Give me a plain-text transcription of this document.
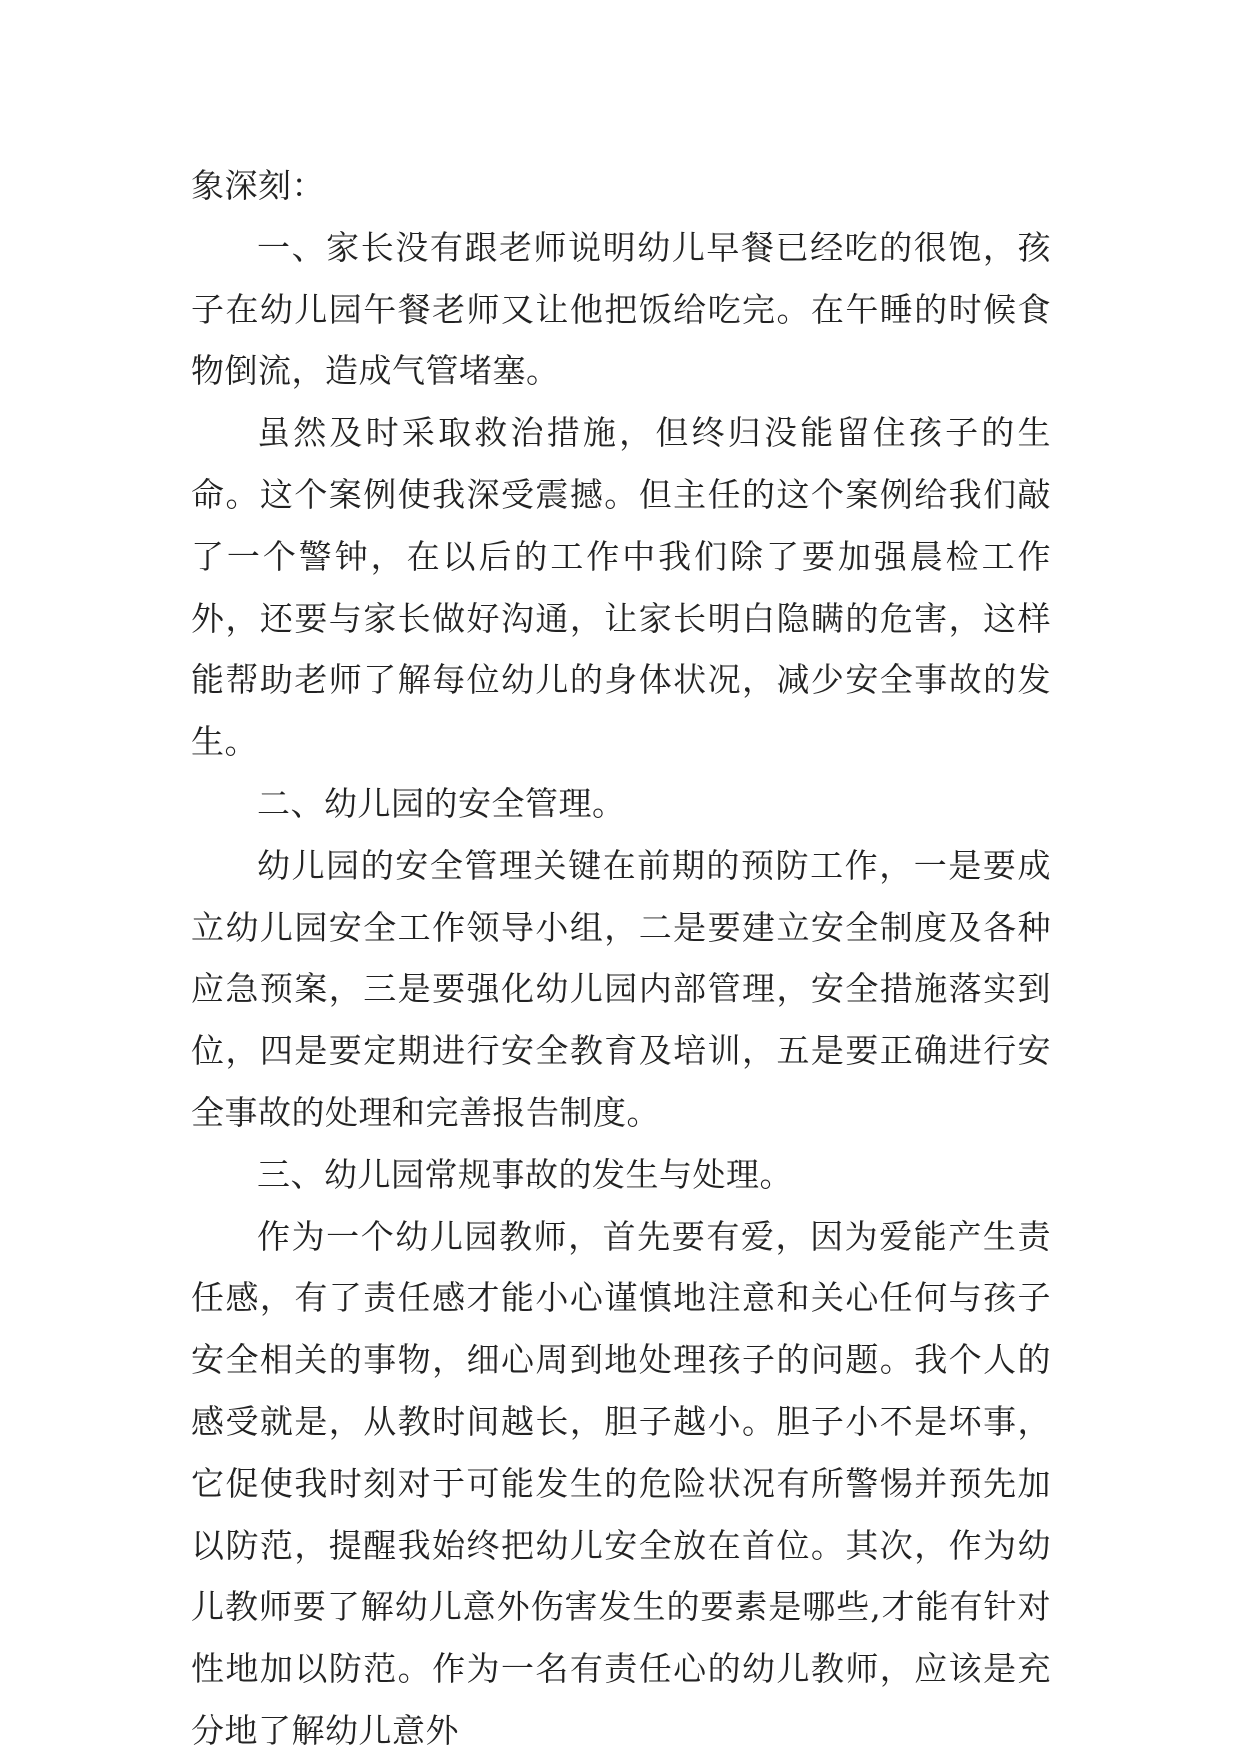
象深刻：

一、家长没有跟老师说明幼儿早餐已经吃的很饱，孩子在幼儿园午餐老师又让他把饭给吃完。在午睡的时候食物倒流，造成气管堵塞。

虽然及时采取救治措施，但终归没能留住孩子的生命。这个案例使我深受震撼。但主任的这个案例给我们敲了一个警钟，在以后的工作中我们除了要加强晨检工作外，还要与家长做好沟通，让家长明白隐瞒的危害，这样能帮助老师了解每位幼儿的身体状况，减少安全事故的发生。

二、幼儿园的安全管理。

幼儿园的安全管理关键在前期的预防工作，一是要成立幼儿园安全工作领导小组，二是要建立安全制度及各种应急预案，三是要强化幼儿园内部管理，安全措施落实到位，四是要定期进行安全教育及培训，五是要正确进行安全事故的处理和完善报告制度。

三、幼儿园常规事故的发生与处理。

作为一个幼儿园教师，首先要有爱，因为爱能产生责任感，有了责任感才能小心谨慎地注意和关心任何与孩子安全相关的事物，细心周到地处理孩子的问题。我个人的感受就是，从教时间越长，胆子越小。胆子小不是坏事，它促使我时刻对于可能发生的危险状况有所警惕并预先加以防范，提醒我始终把幼儿安全放在首位。其次，作为幼儿教师要了解幼儿意外伤害发生的要素是哪些,才能有针对性地加以防范。作为一名有责任心的幼儿教师，应该是充分地了解幼儿意外
